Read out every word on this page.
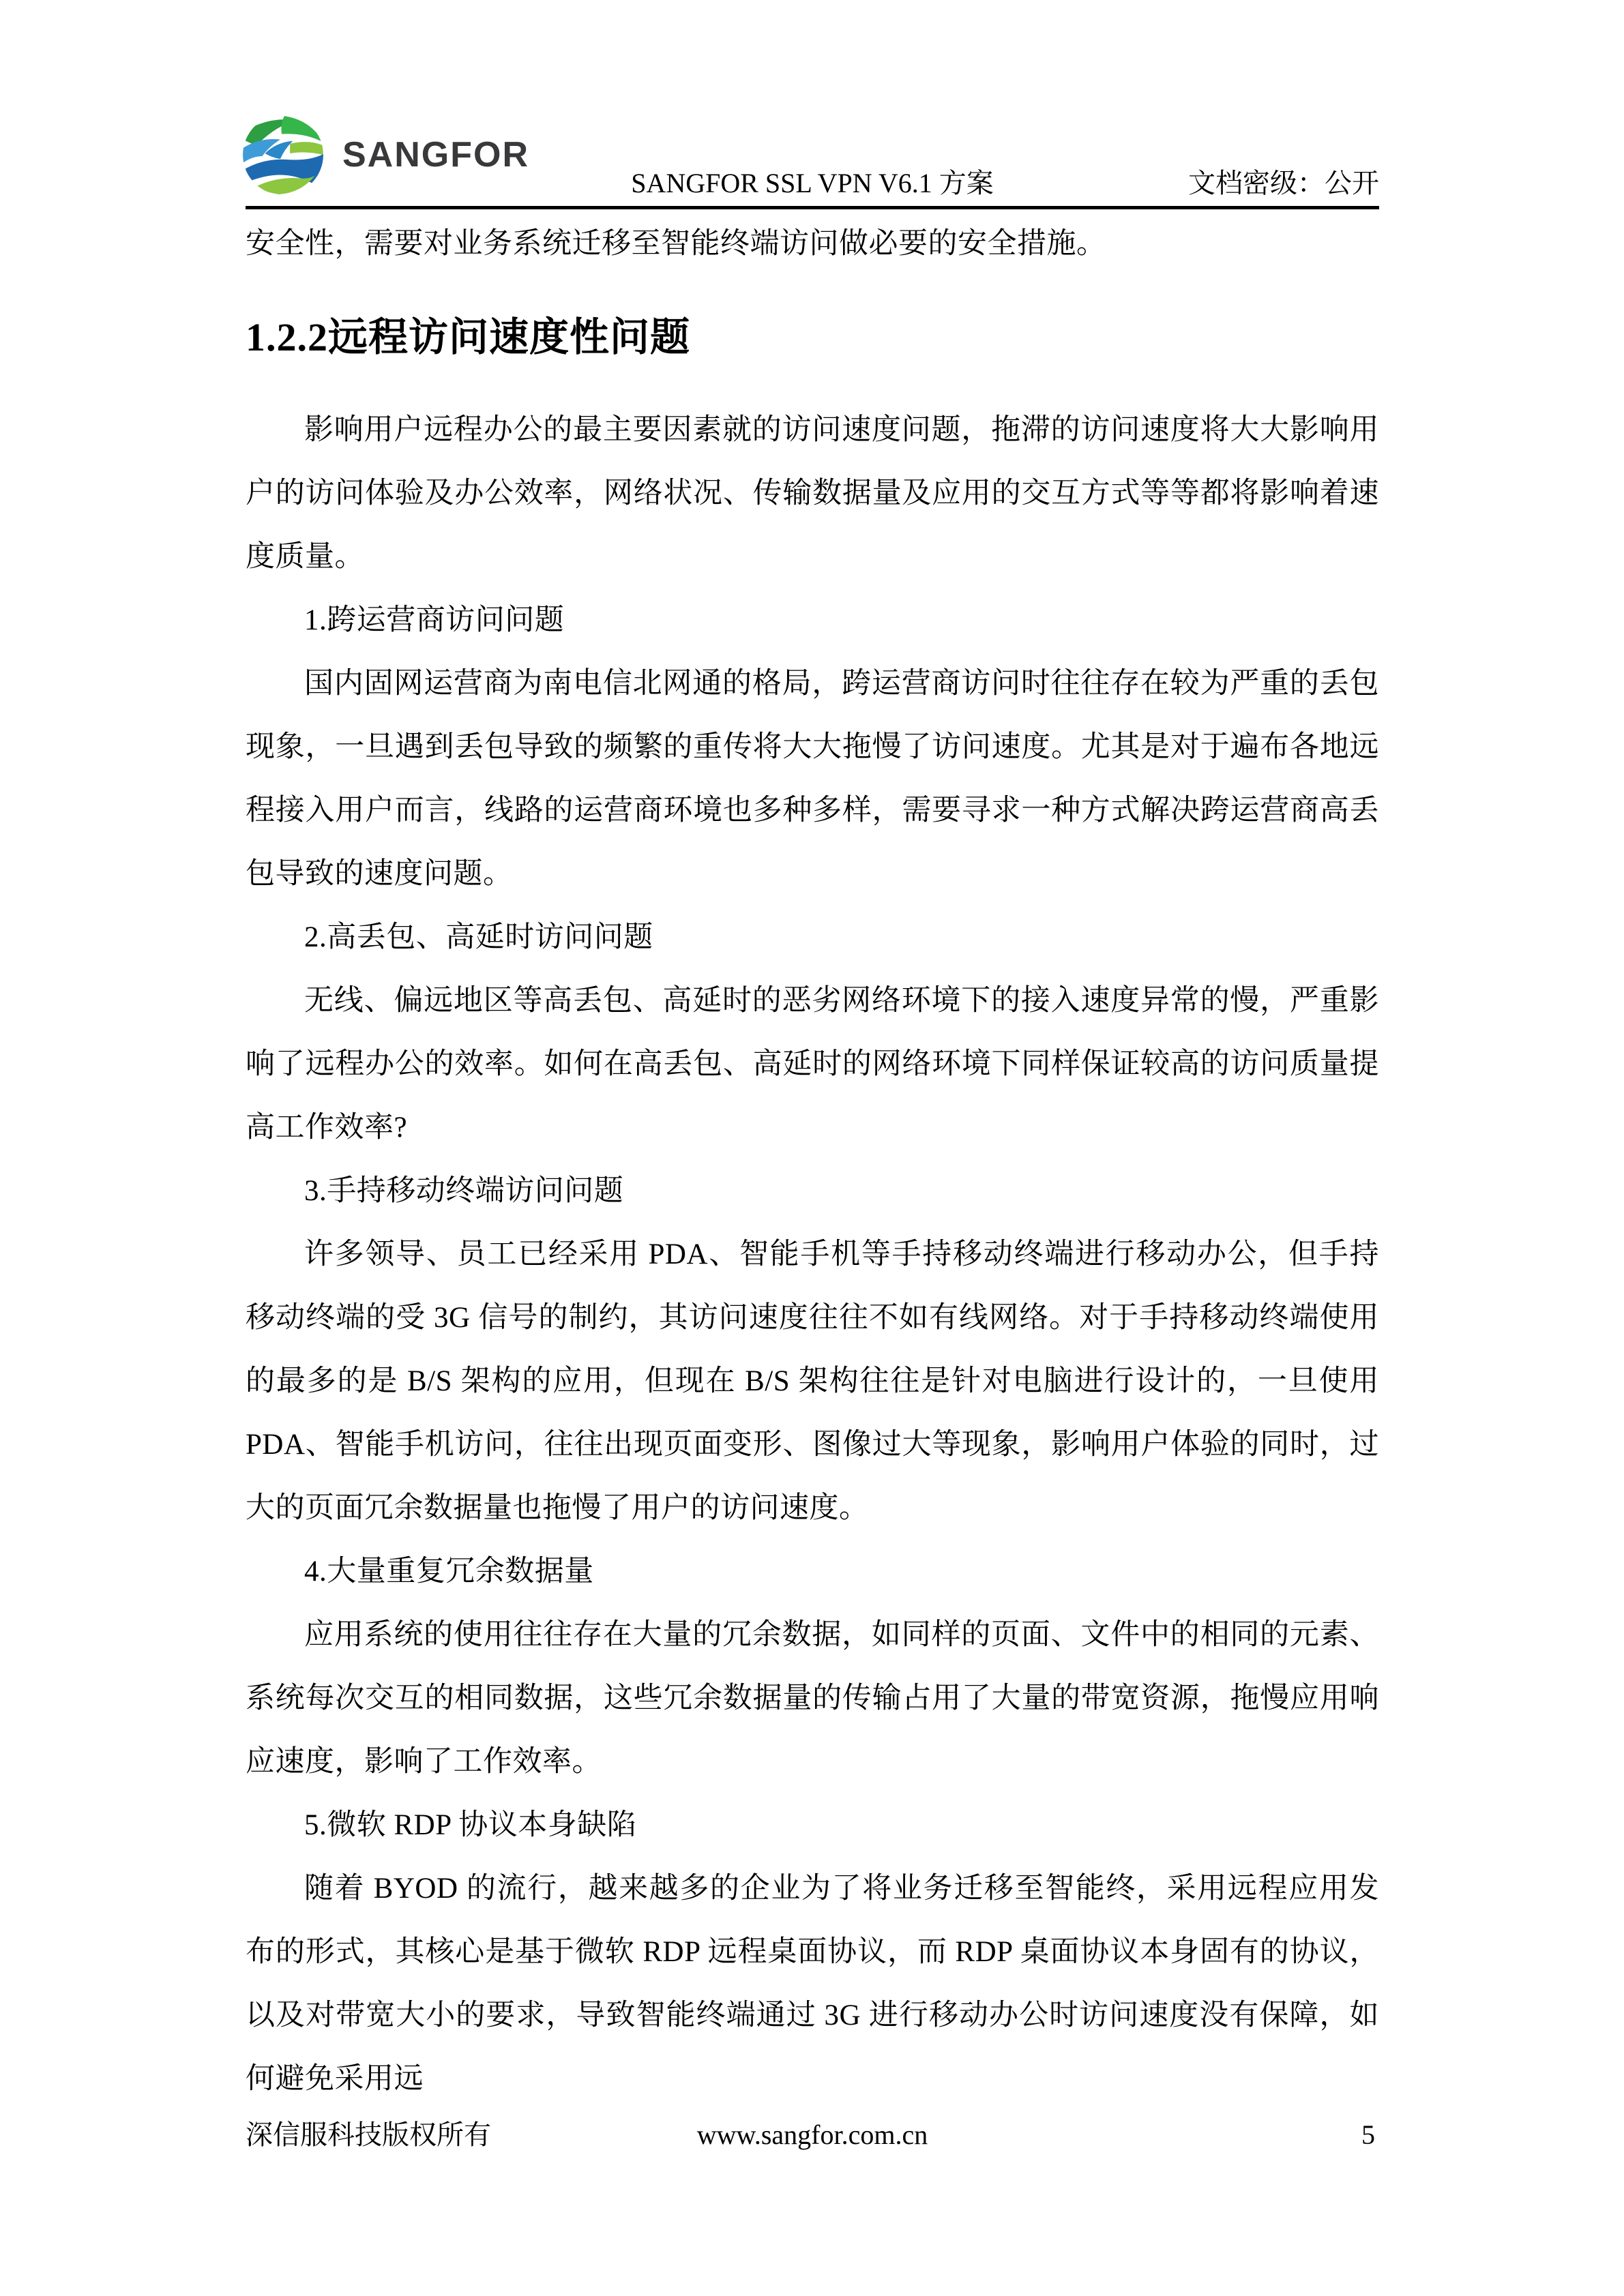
SANGFOR
SANGFOR SSL VPN V6.1 方案	文档密级：公开

安全性，需要对业务系统迁移至智能终端访问做必要的安全措施。

1.2.2远程访问速度性问题

影响用户远程办公的最主要因素就的访问速度问题，拖滞的访问速度将大大影响用户的访问体验及办公效率，网络状况、传输数据量及应用的交互方式等等都将影响着速度质量。

1.跨运营商访问问题

国内固网运营商为南电信北网通的格局，跨运营商访问时往往存在较为严重的丢包现象，一旦遇到丢包导致的频繁的重传将大大拖慢了访问速度。尤其是对于遍布各地远程接入用户而言，线路的运营商环境也多种多样，需要寻求一种方式解决跨运营商高丢包导致的速度问题。

2.高丢包、高延时访问问题

无线、偏远地区等高丢包、高延时的恶劣网络环境下的接入速度异常的慢，严重影响了远程办公的效率。如何在高丢包、高延时的网络环境下同样保证较高的访问质量提高工作效率?

3.手持移动终端访问问题

许多领导、员工已经采用 PDA、智能手机等手持移动终端进行移动办公，但手持移动终端的受 3G 信号的制约，其访问速度往往不如有线网络。对于手持移动终端使用的最多的是 B/S 架构的应用，但现在 B/S 架构往往是针对电脑进行设计的，一旦使用 PDA、智能手机访问，往往出现页面变形、图像过大等现象，影响用户体验的同时，过大的页面冗余数据量也拖慢了用户的访问速度。

4.大量重复冗余数据量

应用系统的使用往往存在大量的冗余数据，如同样的页面、文件中的相同的元素、系统每次交互的相同数据，这些冗余数据量的传输占用了大量的带宽资源，拖慢应用响应速度，影响了工作效率。

5.微软 RDP 协议本身缺陷

随着 BYOD 的流行，越来越多的企业为了将业务迁移至智能终，采用远程应用发布的形式，其核心是基于微软 RDP 远程桌面协议，而 RDP 桌面协议本身固有的协议，以及对带宽大小的要求，导致智能终端通过 3G 进行移动办公时访问速度没有保障，如何避免采用远

深信服科技版权所有	www.sangfor.com.cn	5
